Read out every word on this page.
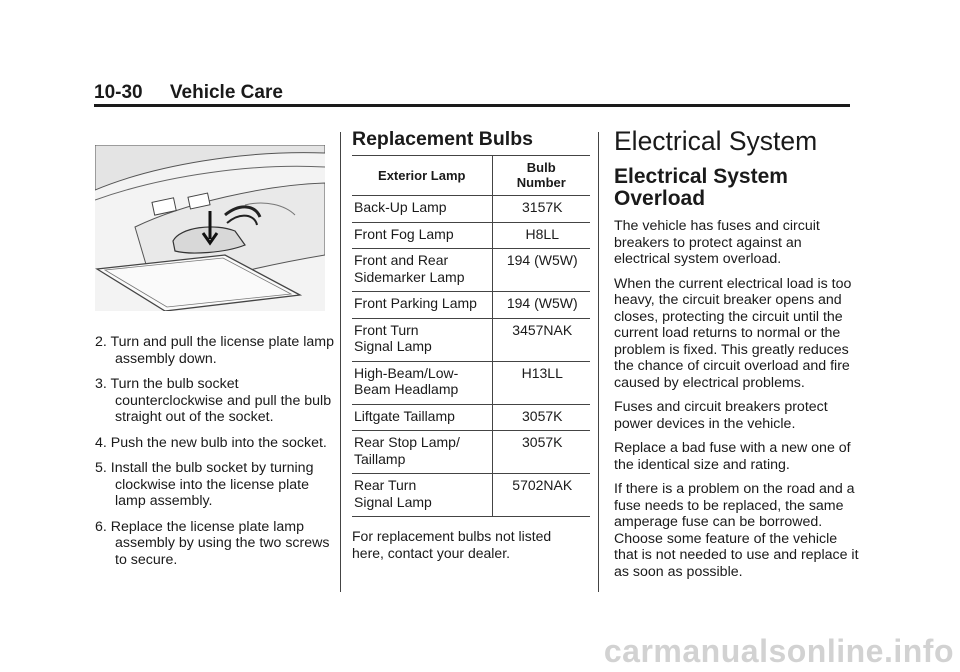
10-30 Vehicle Care
2. Turn and pull the license plate lamp assembly down.
3. Turn the bulb socket counterclockwise and pull the bulb straight out of the socket.
4. Push the new bulb into the socket.
5. Install the bulb socket by turning clockwise into the license plate lamp assembly.
6. Replace the license plate lamp assembly by using the two screws to secure.
Replacement Bulbs
Exterior Lamp	Bulb
Number
Back-Up Lamp	3157K
Front Fog Lamp	H8LL
Front and Rear
Sidemarker Lamp	194 (W5W)
Front Parking Lamp	194 (W5W)
Front Turn
Signal Lamp	3457NAK
High-Beam/Low-
Beam Headlamp	H13LL
Liftgate Taillamp	3057K
Rear Stop Lamp/
Taillamp	3057K
Rear Turn
Signal Lamp	5702NAK

For replacement bulbs not listed here, contact your dealer.

Electrical System
Electrical System
Overload

The vehicle has fuses and circuit breakers to protect against an electrical system overload.

When the current electrical load is too heavy, the circuit breaker opens and closes, protecting the circuit until the current load returns to normal or the problem is fixed. This greatly reduces the chance of circuit overload and fire caused by electrical problems.

Fuses and circuit breakers protect power devices in the vehicle.

Replace a bad fuse with a new one of the identical size and rating.

If there is a problem on the road and a fuse needs to be replaced, the same amperage fuse can be borrowed. Choose some feature of the vehicle that is not needed to use and replace it as soon as possible.

carmanualsonline.info
